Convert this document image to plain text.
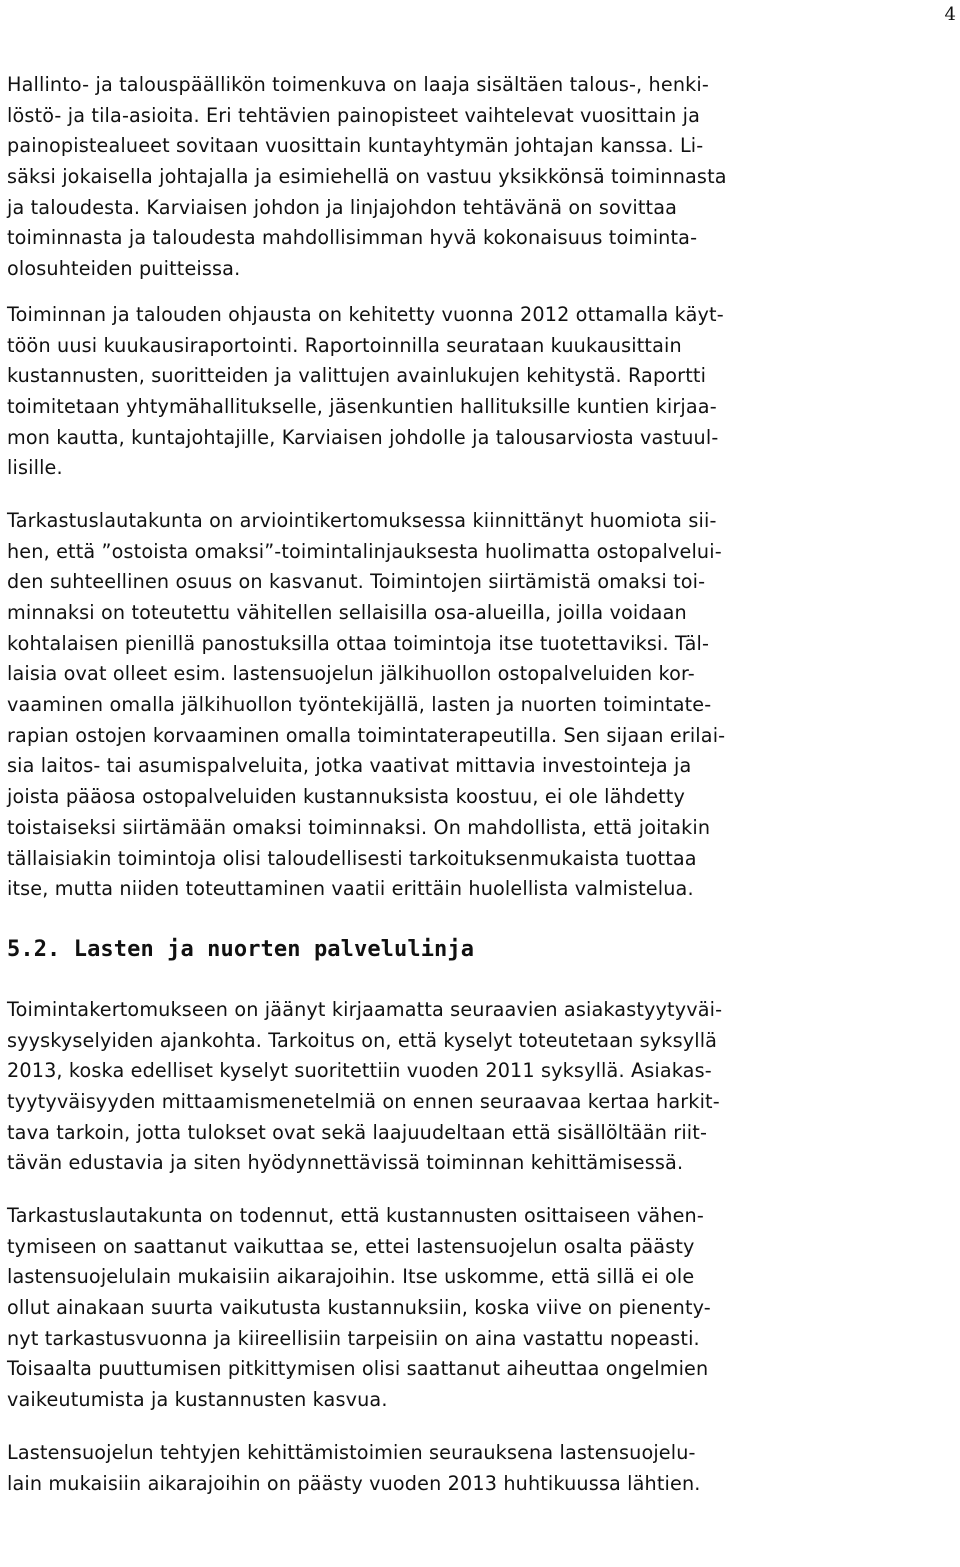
4

Hallinto- ja talouspäällikön toimenkuva on laaja sisältäen talous-, henki-
löstö- ja tila-asioita. Eri tehtävien painopisteet vaihtelevat vuosittain ja
painopistealueet sovitaan vuosittain kuntayhtymän johtajan kanssa. Li-
säksi jokaisella johtajalla ja esimiehellä on vastuu yksikkönsä toiminnasta
ja taloudesta. Karviaisen johdon ja linjajohdon tehtävänä on sovittaa
toiminnasta ja taloudesta mahdollisimman hyvä kokonaisuus toiminta-
olosuhteiden puitteissa.

Toiminnan ja talouden ohjausta on kehitetty vuonna 2012 ottamalla käyt-
töön uusi kuukausiraportointi. Raportoinnilla seurataan kuukausittain
kustannusten, suoritteiden ja valittujen avainlukujen kehitystä. Raportti
toimitetaan yhtymähallitukselle, jäsenkuntien hallituksille kuntien kirjaa-
mon kautta, kuntajohtajille, Karviaisen johdolle ja talousarviosta vastuul-
lisille.

Tarkastuslautakunta on arviointikertomuksessa kiinnittänyt huomiota sii-
hen, että ”ostoista omaksi”-toimintalinjauksesta huolimatta ostopalvelui-
den suhteellinen osuus on kasvanut. Toimintojen siirtämistä omaksi toi-
minnaksi on toteutettu vähitellen sellaisilla osa-alueilla, joilla voidaan
kohtalaisen pienillä panostuksilla ottaa toimintoja itse tuotettaviksi. Täl-
laisia ovat olleet esim. lastensuojelun jälkihuollon ostopalveluiden kor-
vaaminen omalla jälkihuollon työntekijällä, lasten ja nuorten toimintate-
rapian ostojen korvaaminen omalla toimintaterapeutilla. Sen sijaan erilai-
sia laitos- tai asumispalveluita, jotka vaativat mittavia investointeja ja
joista pääosa ostopalveluiden kustannuksista koostuu, ei ole lähdetty
toistaiseksi siirtämään omaksi toiminnaksi. On mahdollista, että joitakin
tällaisiakin toimintoja olisi taloudellisesti tarkoituksenmukaista tuottaa
itse, mutta niiden toteuttaminen vaatii erittäin huolellista valmistelua.

5.2. Lasten ja nuorten palvelulinja

Toimintakertomukseen on jäänyt kirjaamatta seuraavien asiakastyytyväi-
syyskyselyiden ajankohta. Tarkoitus on, että kyselyt toteutetaan syksyllä
2013, koska edelliset kyselyt suoritettiin vuoden 2011 syksyllä. Asiakas-
tyytyväisyyden mittaamismenetelmiä on ennen seuraavaa kertaa harkit-
tava tarkoin, jotta tulokset ovat sekä laajuudeltaan että sisällöltään riit-
tävän edustavia ja siten hyödynnettävissä toiminnan kehittämisessä.

Tarkastuslautakunta on todennut, että kustannusten osittaiseen vähen-
tymiseen on saattanut vaikuttaa se, ettei lastensuojelun osalta päästy
lastensuojelulain mukaisiin aikarajoihin. Itse uskomme, että sillä ei ole
ollut ainakaan suurta vaikutusta kustannuksiin, koska viive on pienenty-
nyt tarkastusvuonna ja kiireellisiin tarpeisiin on aina vastattu nopeasti.
Toisaalta puuttumisen pitkittymisen olisi saattanut aiheuttaa ongelmien
vaikeutumista ja kustannusten kasvua.

Lastensuojelun tehtyjen kehittämistoimien seurauksena lastensuojelu-
lain mukaisiin aikarajoihin on päästy vuoden 2013 huhtikuussa lähtien.
